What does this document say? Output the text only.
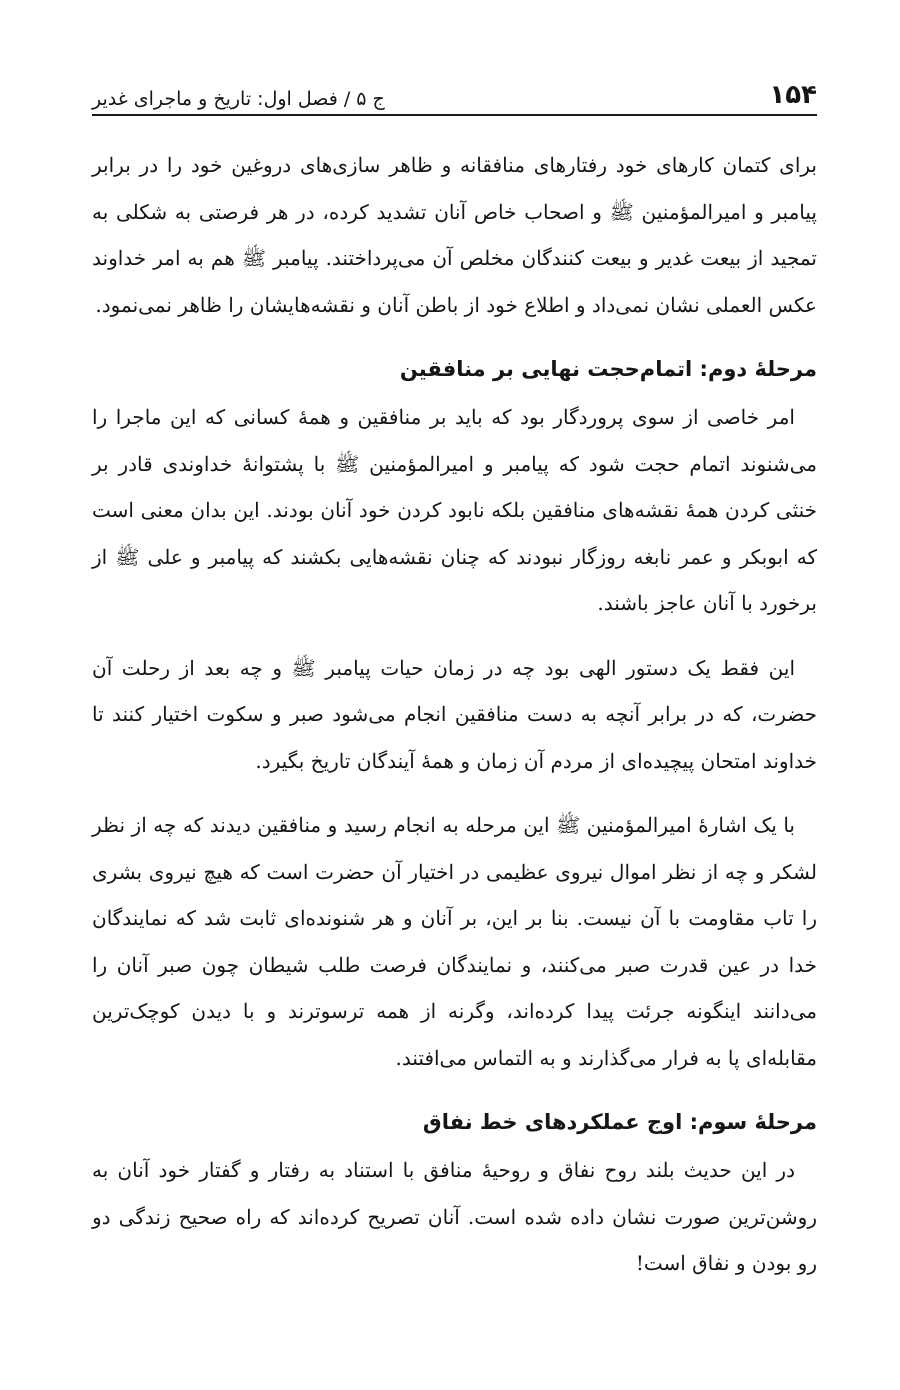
۱۵۴
ج ۵ / فصل اول: تاریخ و ماجرای غدیر

برای کتمان کارهای خود رفتارهای منافقانه و ظاهر سازی‌های دروغین خود را در برابر پیامبر و امیرالمؤمنین ﷺ و اصحاب خاص آنان تشدید کرده، در هر فرصتی به شکلی به تمجید از بیعت غدیر و بیعت کنندگان مخلص آن می‌پرداختند. پیامبر ﷺ هم به امر خداوند عکس العملی نشان نمی‌داد و اطلاع خود از باطن آنان و نقشه‌هایشان را ظاهر نمی‌نمود.

مرحلهٔ دوم: اتمام‌حجت نهایی بر منافقین

امر خاصی از سوی پروردگار بود که باید بر منافقین و همهٔ کسانی که این ماجرا را می‌شنوند اتمام حجت شود که پیامبر و امیرالمؤمنین ﷺ با پشتوانهٔ خداوندی قادر بر خنثی کردن همهٔ نقشه‌های منافقین بلکه نابود کردن خود آنان بودند. این بدان معنی است که ابوبکر و عمر نابغه روزگار نبودند که چنان نقشه‌هایی بکشند که پیامبر و علی ﷺ از برخورد با آنان عاجز باشند.

این فقط یک دستور الهی بود چه در زمان حیات پیامبر ﷺ و چه بعد از رحلت آن حضرت، که در برابر آنچه به دست منافقین انجام می‌شود صبر و سکوت اختیار کنند تا خداوند امتحان پیچیده‌ای از مردم آن زمان و همهٔ آیندگان تاریخ بگیرد.

با یک اشارهٔ امیرالمؤمنین ﷺ این مرحله به انجام رسید و منافقین دیدند که چه از نظر لشکر و چه از نظر اموال نیروی عظیمی در اختیار آن حضرت است که هیچ نیروی بشری را تاب مقاومت با آن نیست. بنا بر این، بر آنان و هر شنونده‌ای ثابت شد که نمایندگان خدا در عین قدرت صبر می‌کنند، و نمایندگان فرصت طلب شیطان چون صبر آنان را می‌دانند اینگونه جرئت پیدا کرده‌اند، وگرنه از همه ترسوترند و با دیدن کوچک‌ترین مقابله‌ای پا به فرار می‌گذارند و به التماس می‌افتند.

مرحلهٔ سوم: اوج عملکردهای خط نفاق

در این حدیث بلند روح نفاق و روحیهٔ منافق با استناد به رفتار و گفتار خود آنان به روشن‌ترین صورت نشان داده شده است. آنان تصریح کرده‌اند که راه صحیح زندگی دو رو بودن و نفاق است!
